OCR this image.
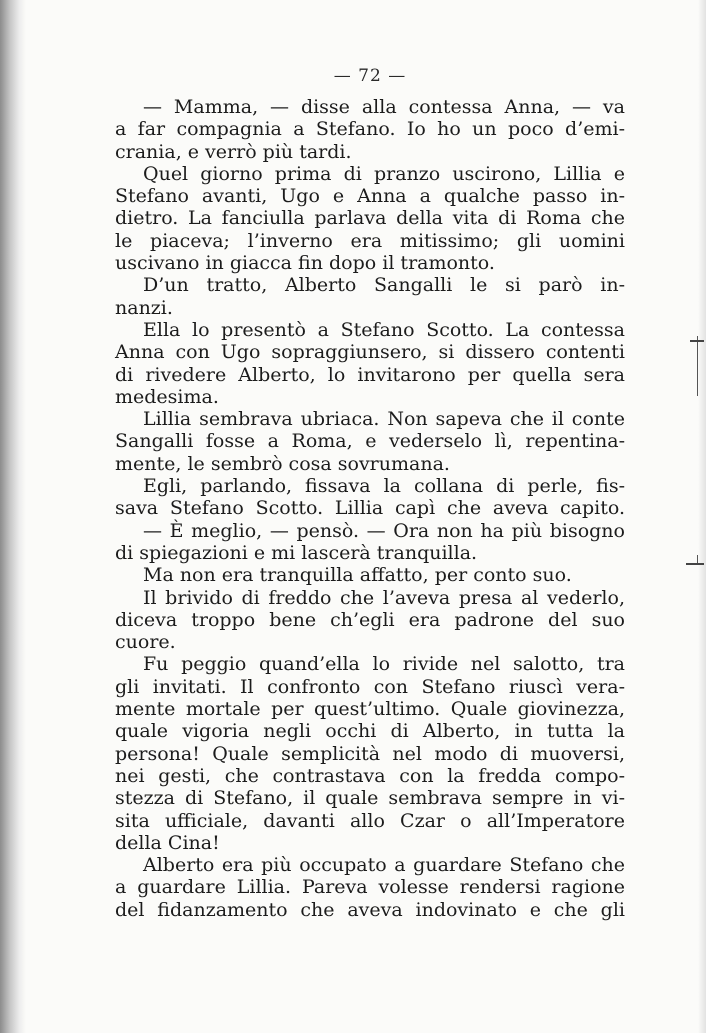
— 72 —
— Mamma, — disse alla contessa Anna, — va
a far compagnia a Stefano. Io ho un poco d’emi-
crania, e verrò più tardi.
Quel giorno prima di pranzo uscirono, Lillia e
Stefano avanti, Ugo e Anna a qualche passo in-
dietro. La fanciulla parlava della vita di Roma che
le piaceva; l’inverno era mitissimo; gli uomini
uscivano in giacca fin dopo il tramonto.
D’un tratto, Alberto Sangalli le si parò in-
nanzi.
Ella lo presentò a Stefano Scotto. La contessa
Anna con Ugo sopraggiunsero, si dissero contenti
di rivedere Alberto, lo invitarono per quella sera
medesima.
Lillia sembrava ubriaca. Non sapeva che il conte
Sangalli fosse a Roma, e vederselo lì, repentina-
mente, le sembrò cosa sovrumana.
Egli, parlando, fissava la collana di perle, fis-
sava Stefano Scotto. Lillia capì che aveva capito.
— È meglio, — pensò. — Ora non ha più bisogno
di spiegazioni e mi lascerà tranquilla.
Ma non era tranquilla affatto, per conto suo.
Il brivido di freddo che l’aveva presa al vederlo,
diceva troppo bene ch’egli era padrone del suo
cuore.
Fu peggio quand’ella lo rivide nel salotto, tra
gli invitati. Il confronto con Stefano riuscì vera-
mente mortale per quest’ultimo. Quale giovinezza,
quale vigoria negli occhi di Alberto, in tutta la
persona! Quale semplicità nel modo di muoversi,
nei gesti, che contrastava con la fredda compo-
stezza di Stefano, il quale sembrava sempre in vi-
sita ufficiale, davanti allo Czar o all’Imperatore
della Cina!
Alberto era più occupato a guardare Stefano che
a guardare Lillia. Pareva volesse rendersi ragione
del fidanzamento che aveva indovinato e che gli
